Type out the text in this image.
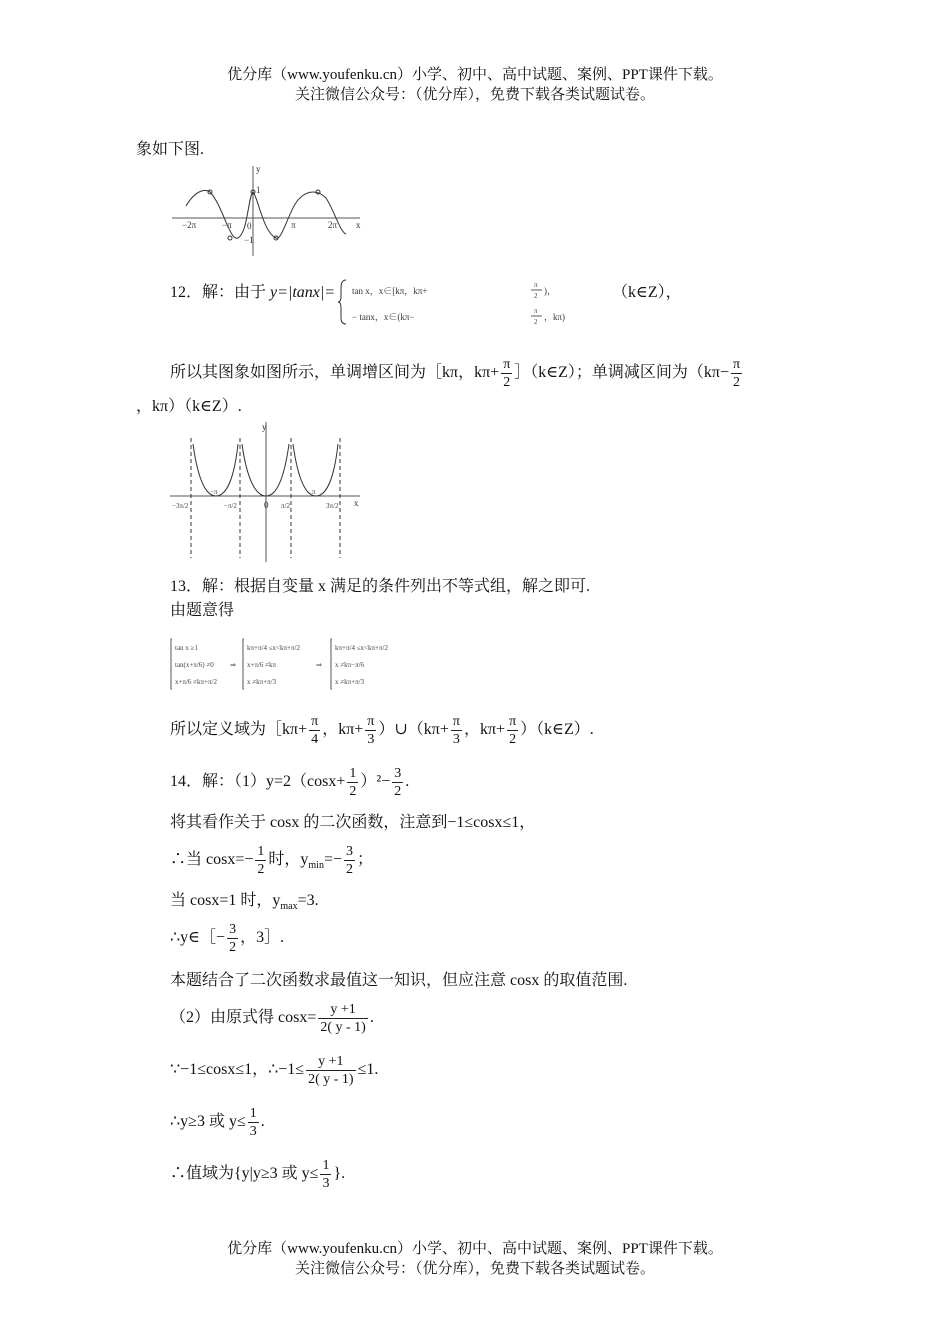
优分库（www.youfenku.cn）小学、初中、高中试题、案例、PPT课件下载。
关注微信公众号：（优分库），免费下载各类试题试卷。
象如下图.
y
x
1
−1
0
−2π	−π	π	2π
12．解：由于 y=|tanx|= tan x，x∈[kπ，kπ+
π
2 )，
− tanx，x∈(kπ−
π
2 ，kπ)
（k∈Z），
所以其图象如图所示，单调增区间为［kπ，$k\pi+ \frac{\pi}{2}$ ］（k∈Z）；单调减区间为（$k\pi- \frac{\pi}{2}$
，kπ）（k∈Z）.
y
x
0
−3π/2
−π
−π/2	π/2
π
3π/2
13．解：根据自变量 x 满足的条件列出不等式组，解之即可.
由题意得
tan x ≥1
tan(x+π/6) ≠0
x+π/6 ≠kπ+π/2
⇒
kπ+π/4 ≤x<kπ+π/2
x+π/6 ≠kπ
x ≠kπ+π/3
⇒
kπ+π/4 ≤x<kπ+π/2
x ≠kπ−π/6
x ≠kπ+π/3
所以定义域为［kπ+ $\frac{\pi}{4}$ ，$k\pi+ \frac{\pi}{3}$ ）∪（kπ+ $\frac{\pi}{3}$ ，$k\pi+ \frac{\pi}{2}$ ）（k∈Z）.
14．解：$(1)y=2(\cos x+ \frac{1}{2} )^2- \frac{3}{2}$ .
将其看作关于 cosx 的二次函数，注意到−1≤cosx≤1，
∴当 $\cos x=- \frac{1}{2}$ 时，$y_{min}=- \frac{3}{2}$ ；
当 cosx=1 时，$y_{max}=3$.
∴y∈［− $\frac{3}{2}$ ，3］.
本题结合了二次函数求最值这一知识，但应注意 cosx 的取值范围.
（2）由原式得 $\cos x= \frac{y +1}{2( y - 1)}$ .
∵−1≤cosx≤1，∴−1≤ $\frac{y +1}{2( y - 1)} \le 1$.
∴y≥3 或 $y\le \frac{1}{3}$ .
∴值域为{y|y≥3 或 $y\le \frac{1}{3}$ }.
优分库（www.youfenku.cn）小学、初中、高中试题、案例、PPT课件下载。
关注微信公众号：（优分库），免费下载各类试题试卷。
